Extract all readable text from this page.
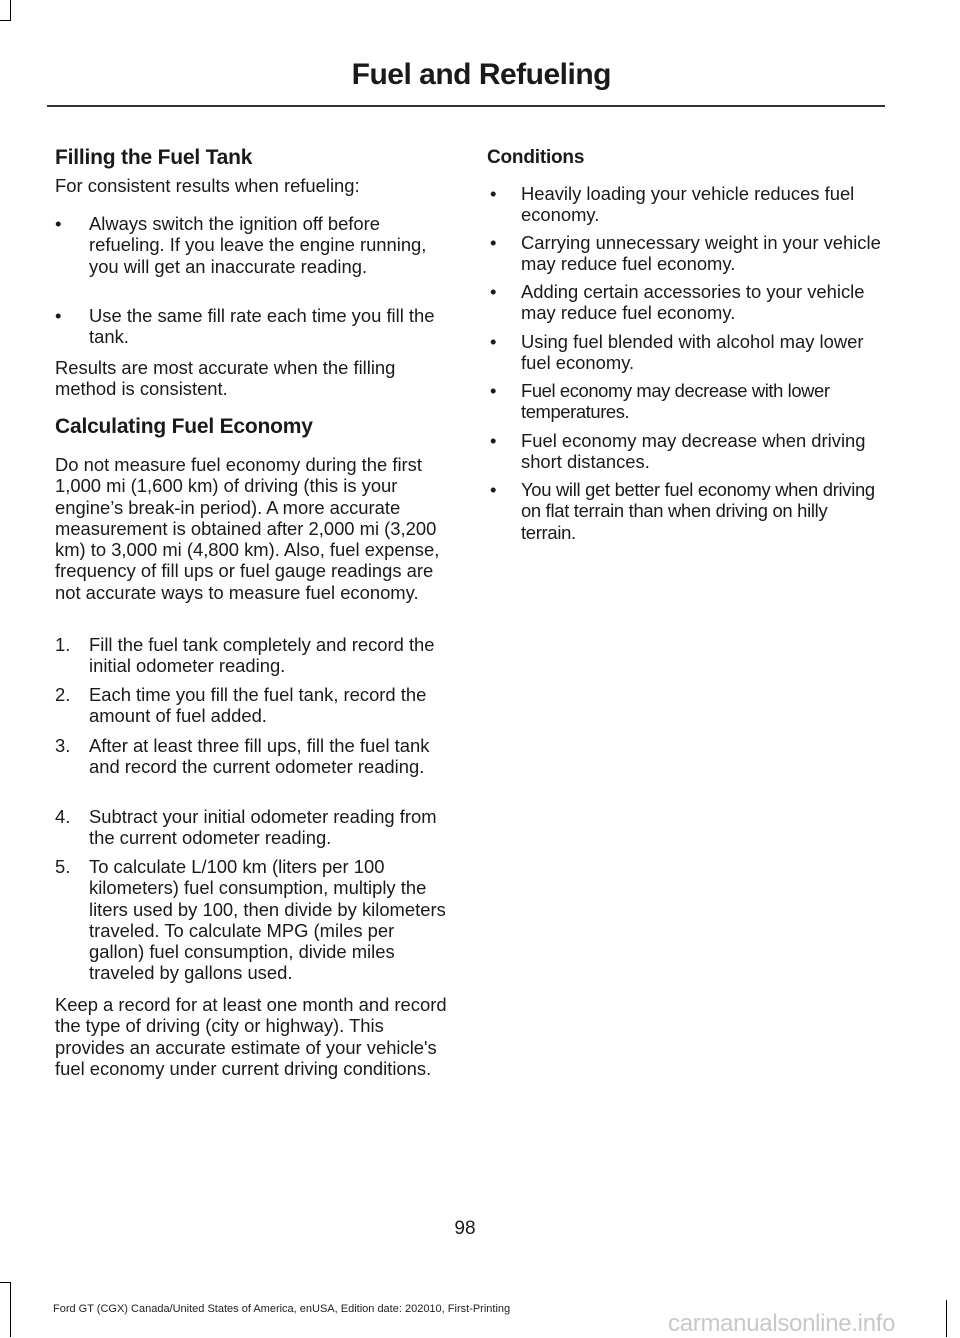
Fuel and Refueling
Filling the Fuel Tank
For consistent results when refueling:
• Always switch the ignition off before refueling. If you leave the engine running, you will get an inaccurate reading.
• Use the same fill rate each time you fill the tank.
Results are most accurate when the filling method is consistent.
Calculating Fuel Economy
Do not measure fuel economy during the first 1,000 mi (1,600 km) of driving (this is your engine’s break-in period). A more accurate measurement is obtained after 2,000 mi (3,200 km) to 3,000 mi (4,800 km). Also, fuel expense, frequency of fill ups or fuel gauge readings are not accurate ways to measure fuel economy.
1. Fill the fuel tank completely and record the initial odometer reading.
2. Each time you fill the fuel tank, record the amount of fuel added.
3. After at least three fill ups, fill the fuel tank and record the current odometer reading.
4. Subtract your initial odometer reading from the current odometer reading.
5. To calculate L/100 km (liters per 100 kilometers) fuel consumption, multiply the liters used by 100, then divide by kilometers traveled. To calculate MPG (miles per gallon) fuel consumption, divide miles traveled by gallons used.
Keep a record for at least one month and record the type of driving (city or highway). This provides an accurate estimate of your vehicle's fuel economy under current driving conditions.
Conditions
• Heavily loading your vehicle reduces fuel economy.
• Carrying unnecessary weight in your vehicle may reduce fuel economy.
• Adding certain accessories to your vehicle may reduce fuel economy.
• Using fuel blended with alcohol may lower fuel economy.
• Fuel economy may decrease with lower temperatures.
• Fuel economy may decrease when driving short distances.
• You will get better fuel economy when driving on flat terrain than when driving on hilly terrain.
98
Ford GT (CGX) Canada/United States of America, enUSA, Edition date: 202010, First-Printing
carmanualsonline.info
